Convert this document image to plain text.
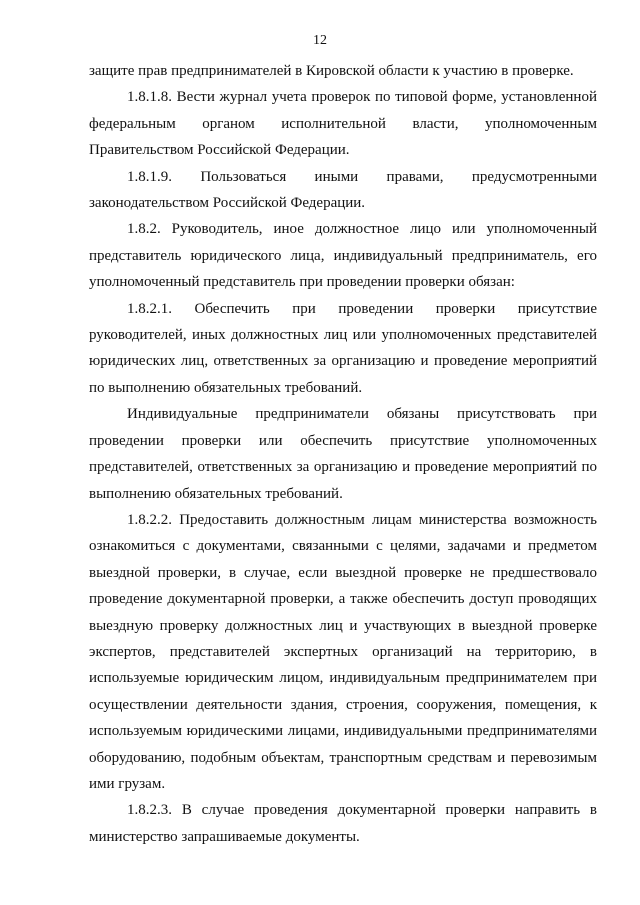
12

защите прав предпринимателей в Кировской области к участию в проверке.

1.8.1.8. Вести журнал учета проверок по типовой форме, установленной федеральным органом исполнительной власти, уполномоченным Правительством Российской Федерации.

1.8.1.9. Пользоваться иными правами, предусмотренными законодательством Российской Федерации.

1.8.2. Руководитель, иное должностное лицо или уполномоченный представитель юридического лица, индивидуальный предприниматель, его уполномоченный представитель при проведении проверки обязан:

1.8.2.1. Обеспечить при проведении проверки присутствие руководителей, иных должностных лиц или уполномоченных представителей юридических лиц, ответственных за организацию и проведение мероприятий по выполнению обязательных требований.

Индивидуальные предприниматели обязаны присутствовать при проведении проверки или обеспечить присутствие уполномоченных представителей, ответственных за организацию и проведение мероприятий по выполнению обязательных требований.

1.8.2.2. Предоставить должностным лицам министерства возможность ознакомиться с документами, связанными с целями, задачами и предметом выездной проверки, в случае, если выездной проверке не предшествовало проведение документарной проверки, а также обеспечить доступ проводящих выездную проверку должностных лиц и участвующих в выездной проверке экспертов, представителей экспертных организаций на территорию, в используемые юридическим лицом, индивидуальным предпринимателем при осуществлении деятельности здания, строения, сооружения, помещения, к используемым юридическими лицами, индивидуальными предпринимателями оборудованию, подобным объектам, транспортным средствам и перевозимым ими грузам.

1.8.2.3. В случае проведения документарной проверки направить в министерство запрашиваемые документы.
